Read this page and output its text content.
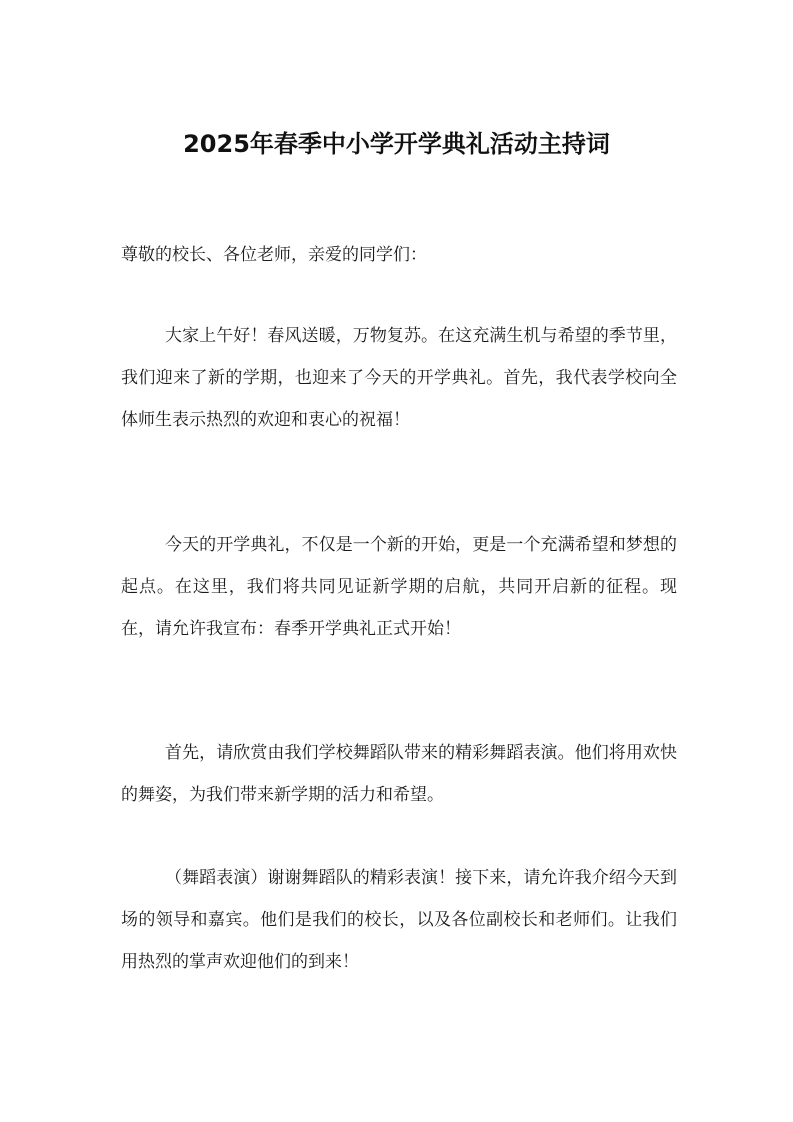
2025年春季中小学开学典礼活动主持词

尊敬的校长、各位老师，亲爱的同学们：

大家上午好！春风送暖，万物复苏。在这充满生机与希望的季节里，我们迎来了新的学期，也迎来了今天的开学典礼。首先，我代表学校向全体师生表示热烈的欢迎和衷心的祝福！

今天的开学典礼，不仅是一个新的开始，更是一个充满希望和梦想的起点。在这里，我们将共同见证新学期的启航，共同开启新的征程。现在，请允许我宣布：春季开学典礼正式开始！

首先，请欣赏由我们学校舞蹈队带来的精彩舞蹈表演。他们将用欢快的舞姿，为我们带来新学期的活力和希望。

（舞蹈表演）谢谢舞蹈队的精彩表演！接下来，请允许我介绍今天到场的领导和嘉宾。他们是我们的校长，以及各位副校长和老师们。让我们用热烈的掌声欢迎他们的到来！
